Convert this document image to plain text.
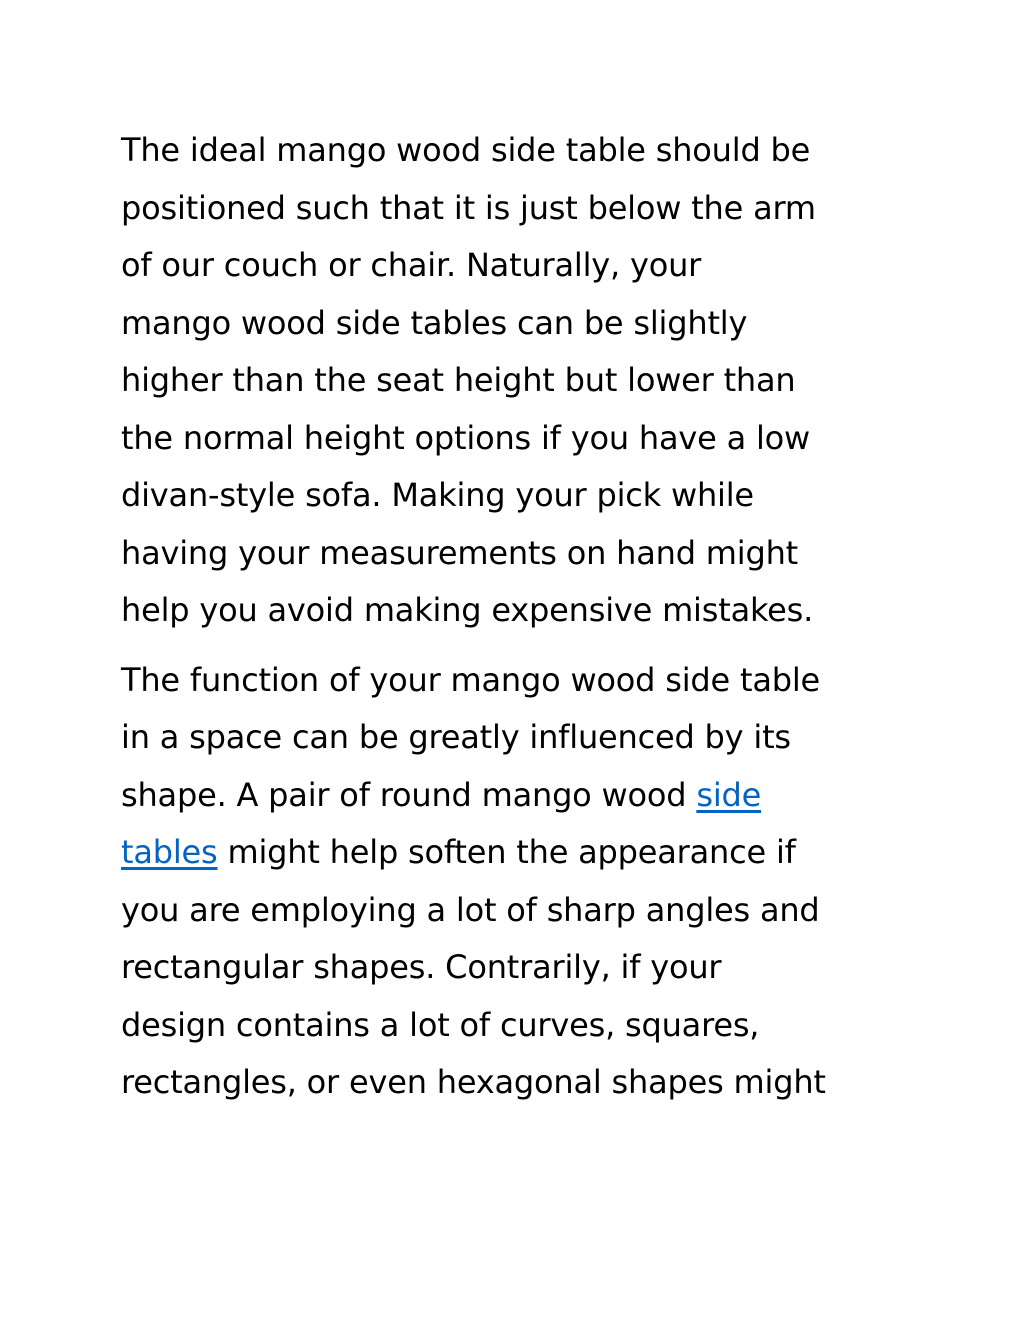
The ideal mango wood side table should be
positioned such that it is just below the arm
of our couch or chair. Naturally, your
mango wood side tables can be slightly
higher than the seat height but lower than
the normal height options if you have a low
divan-style sofa. Making your pick while
having your measurements on hand might
help you avoid making expensive mistakes.
The function of your mango wood side table
in a space can be greatly influenced by its
shape. A pair of round mango wood side
tables might help soften the appearance if
you are employing a lot of sharp angles and
rectangular shapes. Contrarily, if your
design contains a lot of curves, squares,
rectangles, or even hexagonal shapes might
